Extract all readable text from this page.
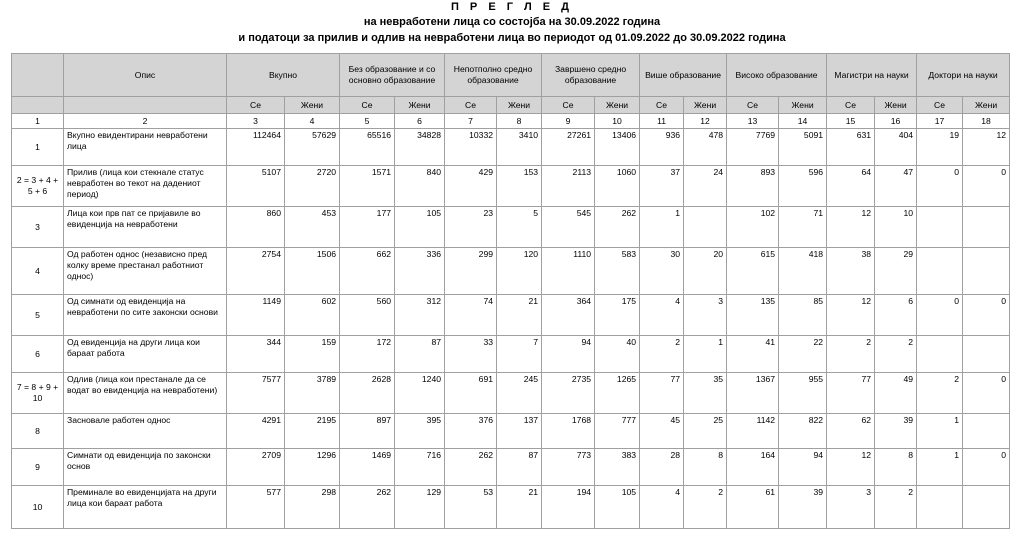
П Р Е Г Л Е Д
на невработени лица со состојба на 30.09.2022 година
и податоци за прилив и одлив на невработени лица во периодот од 01.09.2022 до 30.09.2022 година
	Опис	Вкупно		Без образование и со основно образование		Непотполно средно образование		Завршено средно образование		Више образование		Високо образование		Магистри на науки		Доктори на науки	
		Се	Жени	Се	Жени	Се	Жени	Се	Жени	Се	Жени	Се	Жени	Се	Жени	Се	Жени
1	2	3	4	5	6	7	8	9	10	11	12	13	14	15	16	17	18
1	Вкупно евидентирани невработени лица	112464	57629	65516	34828	10332	3410	27261	13406	936	478	7769	5091	631	404	19	12
2 = 3 + 4 + 5 + 6	Прилив (лица кои стекнале статус невработен во текот на дадениот период)	5107	2720	1571	840	429	153	2113	1060	37	24	893	596	64	47	0	0
3	Лица кои прв пат се пријавиле во евиденција на невработени	860	453	177	105	23	5	545	262	1		102	71	12	10		
4	Од работен однос (независно пред колку време престанал работниот однос)	2754	1506	662	336	299	120	1110	583	30	20	615	418	38	29		
5	Од симнати од евиденција на невработени по сите законски основи	1149	602	560	312	74	21	364	175	4	3	135	85	12	6	0	0
6	Од евиденција на други лица кои бараат работа	344	159	172	87	33	7	94	40	2	1	41	22	2	2		
7 = 8 + 9 + 10	Одлив (лица кои престанале да се водат во евиденција на невработени)	7577	3789	2628	1240	691	245	2735	1265	77	35	1367	955	77	49	2	0
8	Засновале работен однос	4291	2195	897	395	376	137	1768	777	45	25	1142	822	62	39	1	
9	Симнати од евиденција по законски основ	2709	1296	1469	716	262	87	773	383	28	8	164	94	12	8	1	0
10	Преминале во евиденцијата на други лица кои бараат работа	577	298	262	129	53	21	194	105	4	2	61	39	3	2		
